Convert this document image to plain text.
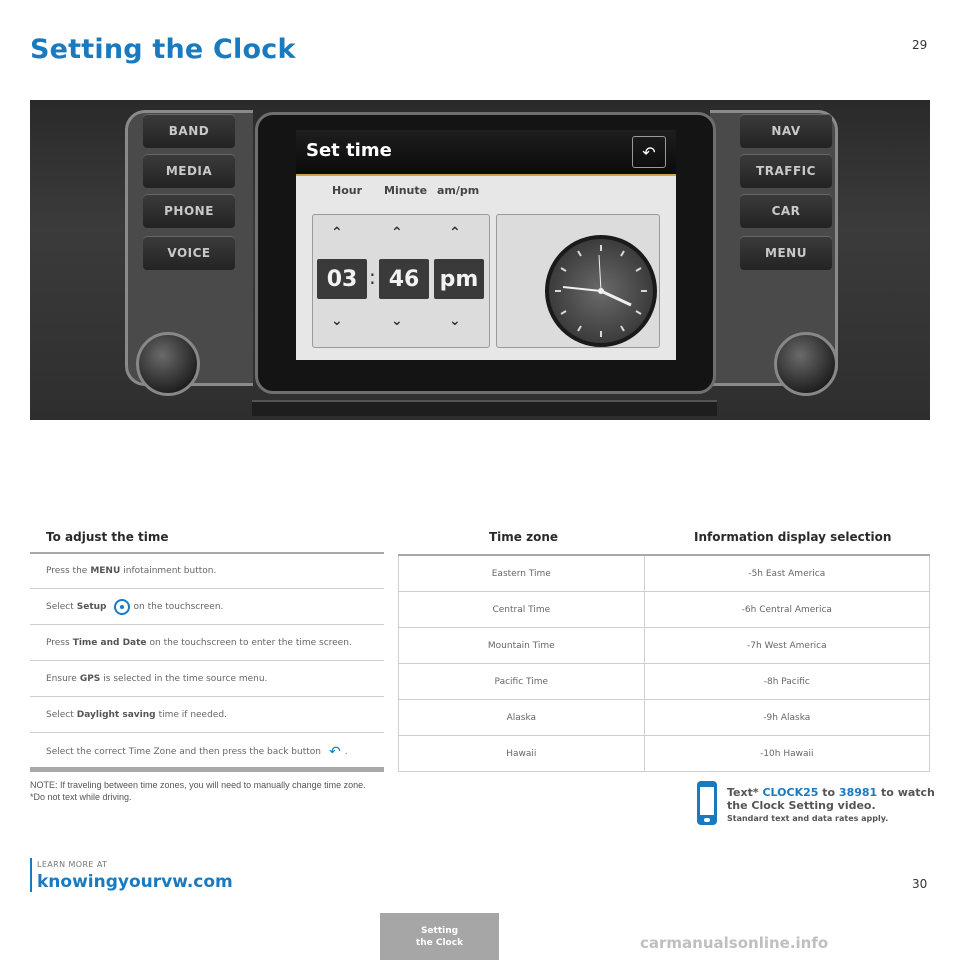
Setting the Clock	29
BAND
MEDIA
PHONE
VOICE
NAV
TRAFFIC
CAR
MENU
Set time	↶
Hour Minute am/pm
⌃	⌃	⌃
03 : 46 pm
⌄	⌄	⌄
To adjust the time
Press the MENU infotainment button.
Select Setup	on the touchscreen.
Press Time and Date on the touchscreen to enter the time screen.
Ensure GPS is selected in the time source menu.
Select Daylight saving time if needed.
Select the correct Time Zone and then press the back button ↶ .
NOTE: If traveling between time zones, you will need to manually change time zone.
*Do not text while driving.
Time zone	Information display selection
Eastern Time	-5h East America
Central Time	-6h Central America
Mountain Time	-7h West America
Pacific Time	-8h Pacific
Alaska	-9h Alaska
Hawaii	-10h Hawaii
Text* CLOCK25 to 38981 to watch
the Clock Setting video.
Standard text and data rates apply.
LEARN MORE AT
knowingyourvw.com	30
Setting
the Clock	carmanualsonline.info
